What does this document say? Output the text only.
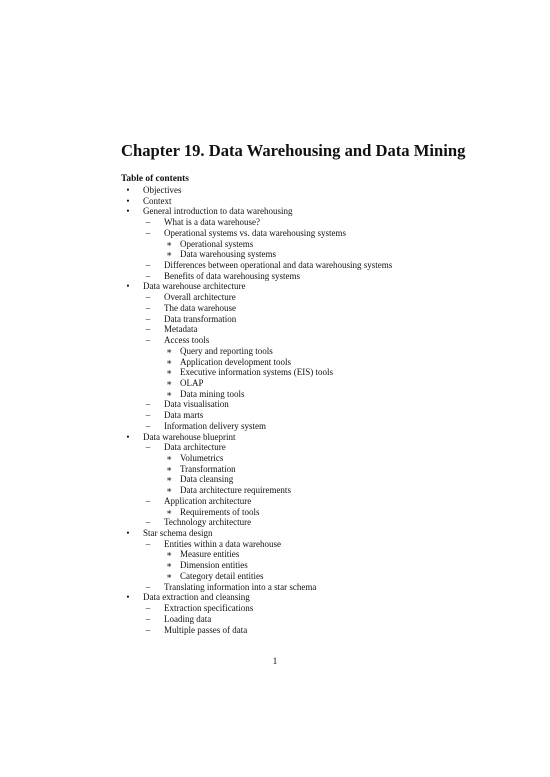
Chapter 19. Data Warehousing and Data Mining
Table of contents
•	Objectives
•	Context
•	General introduction to data warehousing
–	What is a data warehouse?
–	Operational systems vs. data warehousing systems
∗ Operational systems
∗ Data warehousing systems
–	Differences between operational and data warehousing systems
–	Benefits of data warehousing systems
•	Data warehouse architecture
–	Overall architecture
–	The data warehouse
–	Data transformation
–	Metadata
–	Access tools
∗ Query and reporting tools
∗ Application development tools
∗ Executive information systems (EIS) tools
∗ OLAP
∗ Data mining tools
–	Data visualisation
–	Data marts
–	Information delivery system
•	Data warehouse blueprint
–	Data architecture
∗ Volumetrics
∗ Transformation
∗ Data cleansing
∗ Data architecture requirements
–	Application architecture
∗ Requirements of tools
–	Technology architecture
•	Star schema design
–	Entities within a data warehouse
∗ Measure entities
∗ Dimension entities
∗ Category detail entities
–	Translating information into a star schema
•	Data extraction and cleansing
–	Extraction specifications
–	Loading data
–	Multiple passes of data
1
